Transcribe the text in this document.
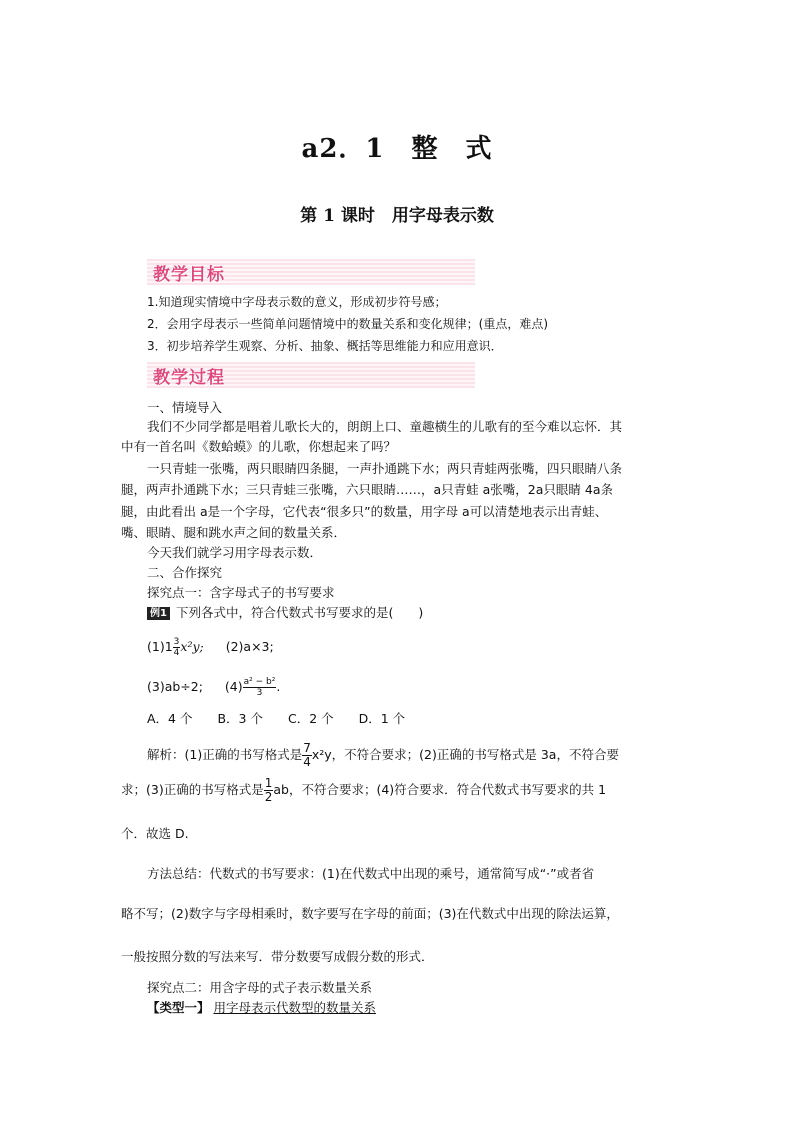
a2．1　整　式
第 1 课时　用字母表示数
教学目标
1.知道现实情境中字母表示数的意义，形成初步符号感；
2．会用字母表示一些简单问题情境中的数量关系和变化规律；(重点，难点)
3．初步培养学生观察、分析、抽象、概括等思维能力和应用意识．
教学过程
一、情境导入
我们不少同学都是唱着儿歌长大的，朗朗上口、童趣横生的儿歌有的至今难以忘怀．其
中有一首名叫《数蛤蟆》的儿歌，你想起来了吗？
一只青蛙一张嘴，两只眼睛四条腿，一声扑通跳下水；两只青蛙两张嘴，四只眼睛八条
腿，两声扑通跳下水；三只青蛙三张嘴，六只眼睛……，a只青蛙 a张嘴，2a只眼睛 4a条
腿，由此看出 a是一个字母，它代表“很多只”的数量，用字母 a可以清楚地表示出青蛙、
嘴、眼睛、腿和跳水声之间的数量关系．
今天我们就学习用字母表示数．
二、合作探究
探究点一：含字母式子的书写要求
例1 下列各式中，符合代数式书写要求的是(　　)
$(1)1 \frac{3}{4} x^2y$; (2)a×3;
(3)ab÷2; $(4) \frac{\text{a² − b²}}{3}$ .
A．4 个　　B．3 个　　C．2 个　　D．1 个
解析：(1)正确的书写格式是 $\frac{7}{4} x^2y$，不符合要求；(2)正确的书写格式是 3a，不符合要
求；(3)正确的书写格式是 $\frac{1}{2}$ ab，不符合要求；(4)符合要求．符合代数式书写要求的共 1
个．故选 D.
方法总结：代数式的书写要求：(1)在代数式中出现的乘号，通常简写成“·”或者省
略不写；(2)数字与字母相乘时，数字要写在字母的前面；(3)在代数式中出现的除法运算，
一般按照分数的写法来写．带分数要写成假分数的形式．
探究点二：用含字母的式子表示数量关系
【类型一】 用字母表示代数型的数量关系
